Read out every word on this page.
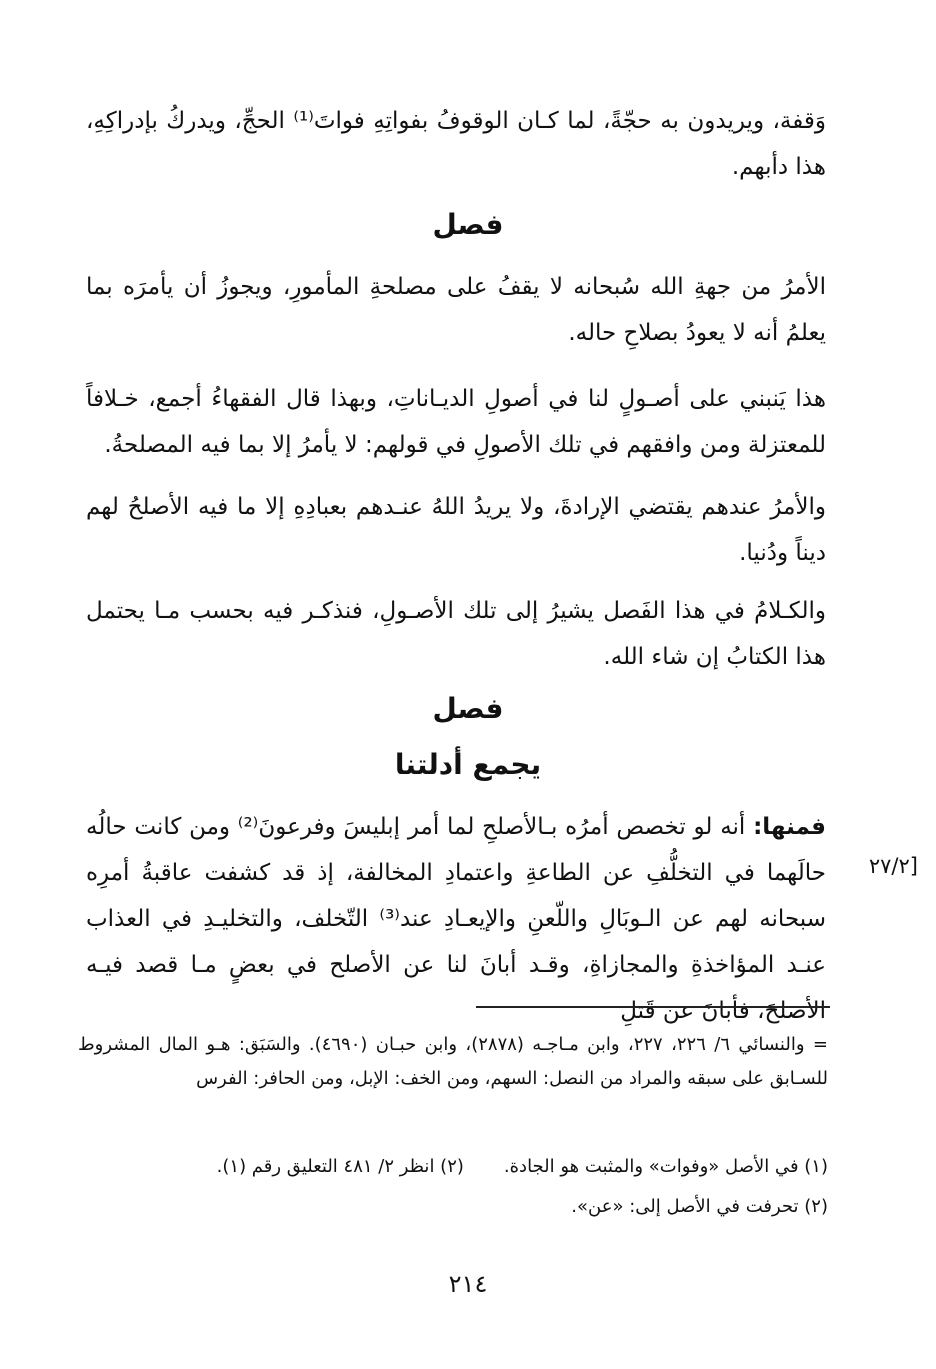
وَقفة، ويريدون به حجّةً، لما كـان الوقوفُ بفواتِهِ فواتَ⁽¹⁾ الحجِّ، ويدركُ بإدراكِهِ، هذا دأبهم.

فصل

الأمرُ من جهةِ الله سُبحانه لا يقفُ على مصلحةِ المأمورِ، ويجوزُ أن يأمرَه بما يعلمُ أنه لا يعودُ بصلاحِ حاله.

هذا يَنبني على أصـولٍ لنا في أصولِ الديـاناتِ، وبهذا قال الفقهاءُ أجمع، خـلافاً للمعتزلة ومن وافقهم في تلك الأصولِ في قولهم: لا يأمرُ إلا بما فيه المصلحةُ.

والأمرُ عندهم يقتضي الإرادةَ، ولا يريدُ اللهُ عنـدهم بعبادِهِ إلا ما فيه الأصلحُ لهم ديناً ودُنيا.

والكـلامُ في هذا الفَصل يشيرُ إلى تلك الأصـولِ، فنذكـر فيه بحسب مـا يحتمل هذا الكتابُ إن شاء الله.

فصل
يجمع أدلتنا

فمنها: أنه لو تخصص أمرُه بـالأصلحِ لما أمر إبليسَ وفرعونَ⁽²⁾ ومن كانت حالُه حالَهما في التخلُّفِ عن الطاعةِ واعتمادِ المخالفة، إذ قد كشفت عاقبةُ أمرِه سبحانه لهم عن الـوبَالِ واللّعنِ والإيعـادِ عند⁽³⁾ التّخلف، والتخليـدِ في العذاب عنـد المؤاخذةِ والمجازاةِ، وقـد أبانَ لنا عن الأصلح في بعضٍ مـا قصد فيـه الأصلحَ، فأبانَ عن قَتلِ

[٢٧/٢

= والنسائي ٦/ ٢٢٦، ٢٢٧، وابن مـاجـه (٢٨٧٨)، وابن حبـان (٤٦٩٠). والسَبَق: هـو المال المشروط للسـابق على سبقه والمراد من النصل: السهم، ومن الخف: الإبل، ومن الحافر: الفرس

(١) في الأصل «وفوات» والمثبت هو الجادة.
(٢) انظر ٢/ ٤٨١ التعليق رقم (١).
(٢) تحرفت في الأصل إلى: «عن».
٢١٤
